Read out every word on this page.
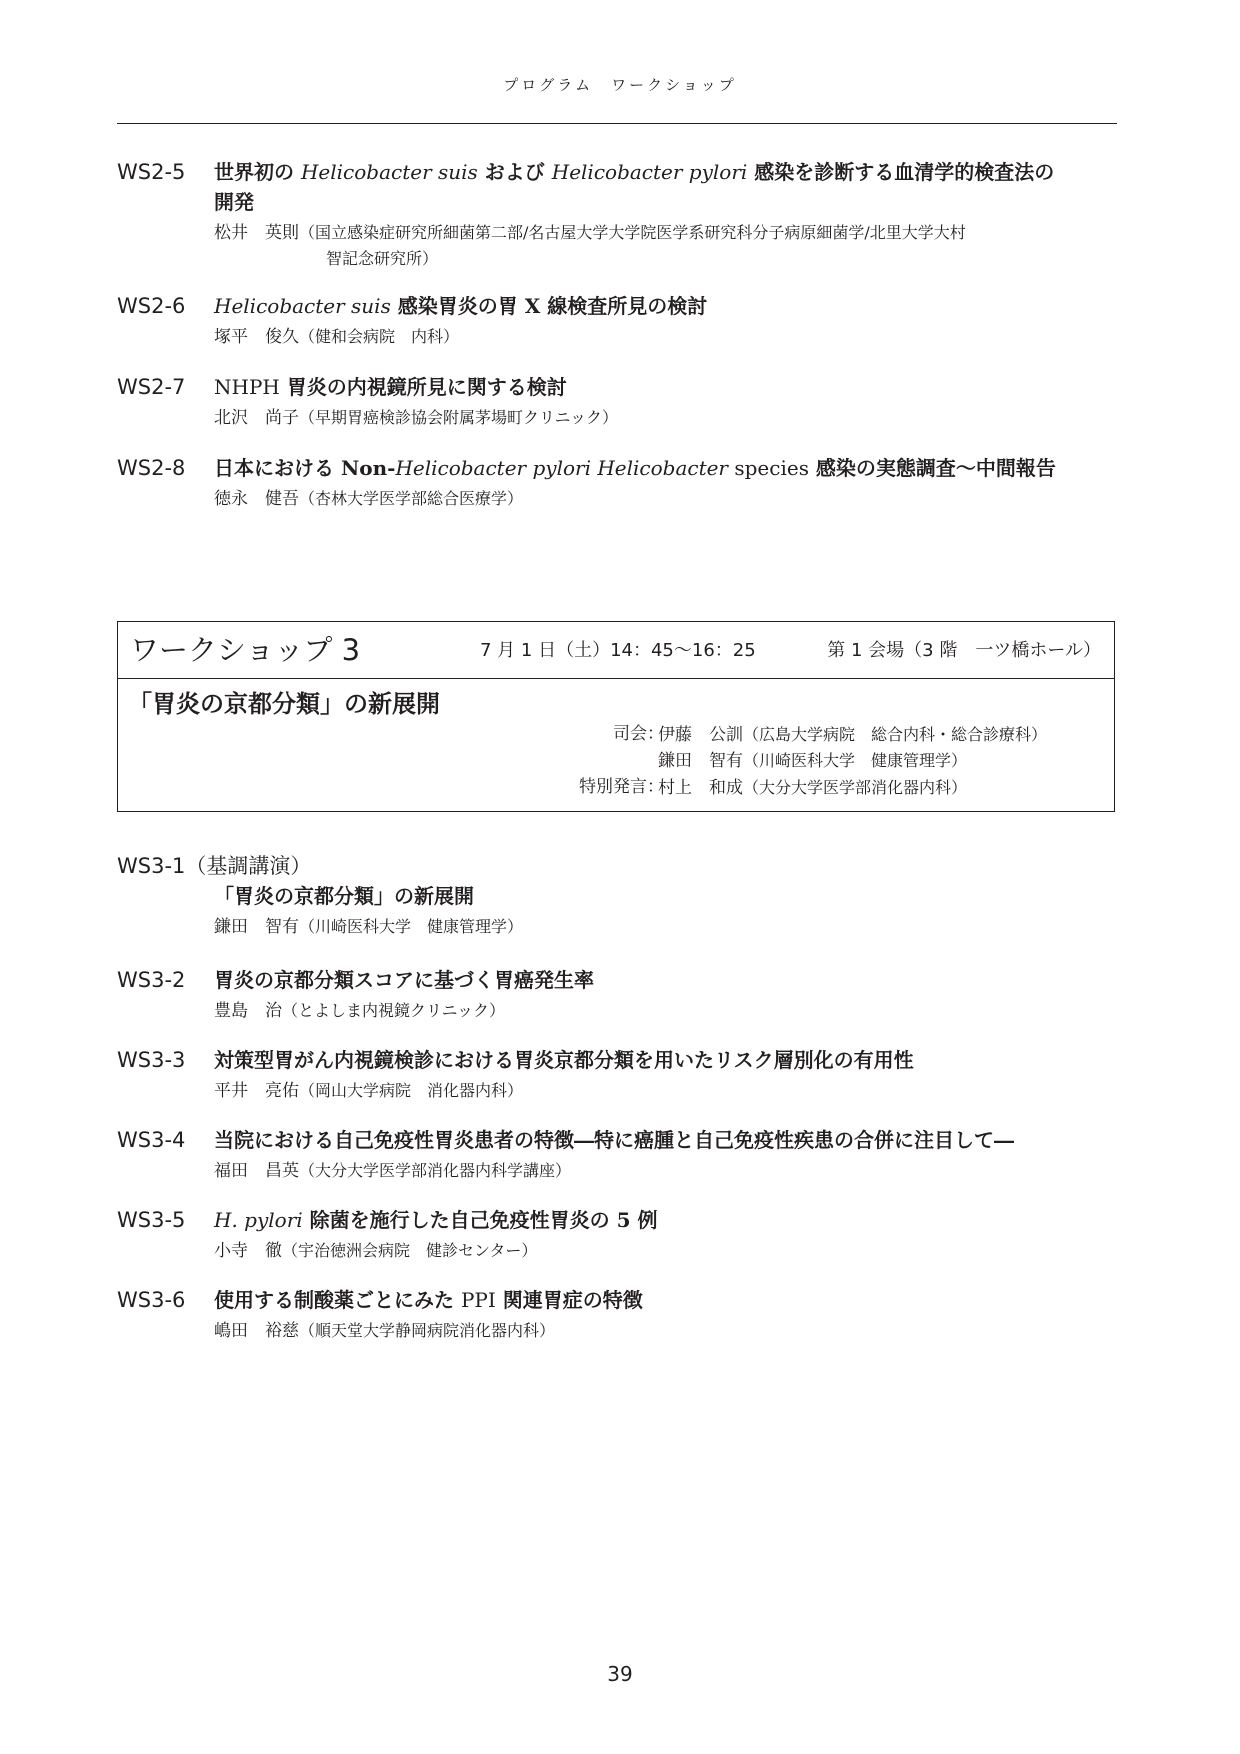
プログラム　ワークショップ
WS2-5 世界初の Helicobacter suis および Helicobacter pylori 感染を診断する血清学的検査法の
開発
松井　英則（国立感染症研究所細菌第二部/名古屋大学大学院医学系研究科分子病原細菌学/北里大学大村
智記念研究所）
WS2-6 Helicobacter suis 感染胃炎の胃 X 線検査所見の検討
塚平　俊久（健和会病院　内科）
WS2-7 NHPH 胃炎の内視鏡所見に関する検討
北沢　尚子（早期胃癌検診協会附属茅場町クリニック）
WS2-8 日本における Non-Helicobacter pylori Helicobacter species 感染の実態調査～中間報告
徳永　健吾（杏林大学医学部総合医療学）
ワークショップ 3	7 月 1 日（土）14：45～16：25	第 1 会場（3 階　一ツ橋ホール）
「胃炎の京都分類」の新展開
司会：
伊藤　公訓（広島大学病院　総合内科・総合診療科）
鎌田　智有（川崎医科大学　健康管理学）
特別発言：
村上　和成（大分大学医学部消化器内科）
WS3-1（基調講演）
「胃炎の京都分類」の新展開
鎌田　智有（川崎医科大学　健康管理学）
WS3-2 胃炎の京都分類スコアに基づく胃癌発生率
豊島　治（とよしま内視鏡クリニック）
WS3-3 対策型胃がん内視鏡検診における胃炎京都分類を用いたリスク層別化の有用性
平井　亮佑（岡山大学病院　消化器内科）
WS3-4 当院における自己免疫性胃炎患者の特徴―特に癌腫と自己免疫性疾患の合併に注目して―
福田　昌英（大分大学医学部消化器内科学講座）
WS3-5 H. pylori 除菌を施行した自己免疫性胃炎の 5 例
小寺　徹（宇治徳洲会病院　健診センター）
WS3-6 使用する制酸薬ごとにみた PPI 関連胃症の特徴
嶋田　裕慈（順天堂大学静岡病院消化器内科）
39
